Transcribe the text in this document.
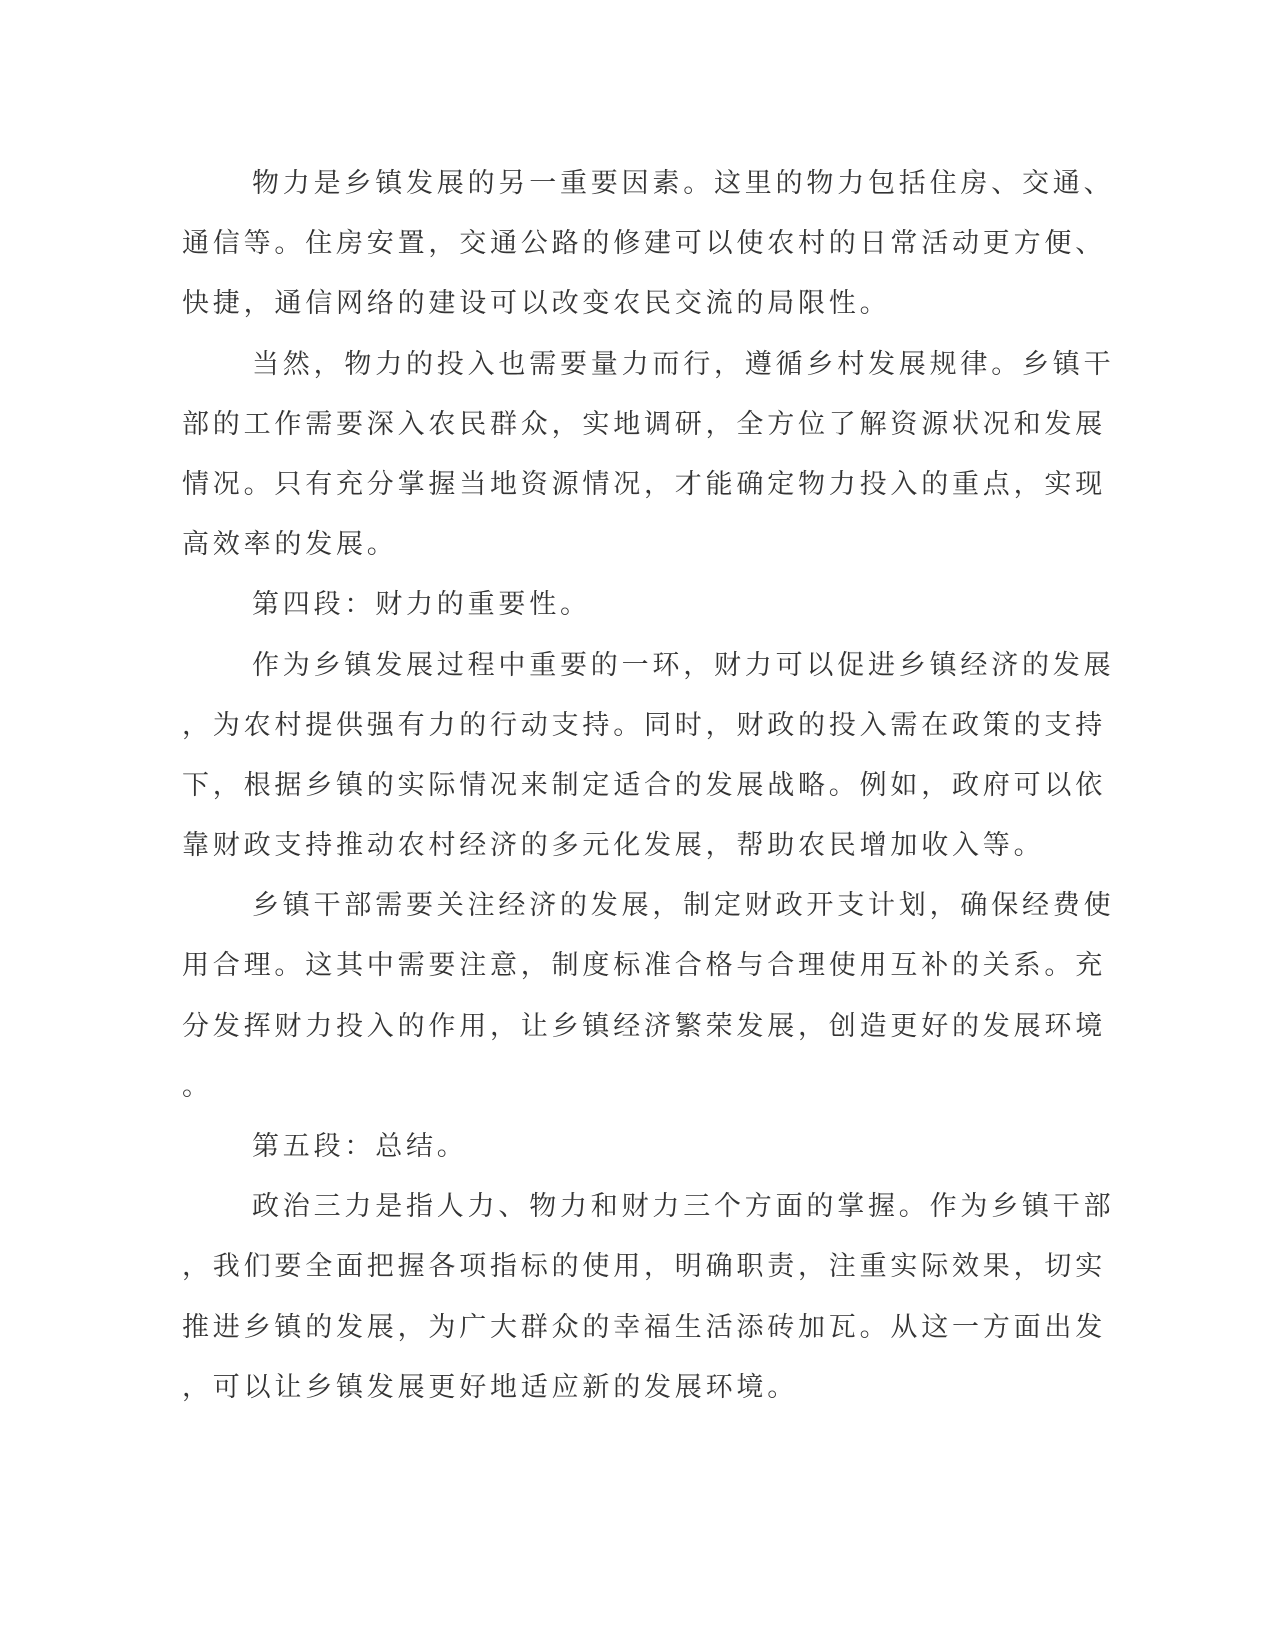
物力是乡镇发展的另一重要因素。这里的物力包括住房、交通、
通信等。住房安置，交通公路的修建可以使农村的日常活动更方便、
快捷，通信网络的建设可以改变农民交流的局限性。
当然，物力的投入也需要量力而行，遵循乡村发展规律。乡镇干
部的工作需要深入农民群众，实地调研，全方位了解资源状况和发展
情况。只有充分掌握当地资源情况，才能确定物力投入的重点，实现
高效率的发展。
第四段：财力的重要性。
作为乡镇发展过程中重要的一环，财力可以促进乡镇经济的发展
，为农村提供强有力的行动支持。同时，财政的投入需在政策的支持
下，根据乡镇的实际情况来制定适合的发展战略。例如，政府可以依
靠财政支持推动农村经济的多元化发展，帮助农民增加收入等。
乡镇干部需要关注经济的发展，制定财政开支计划，确保经费使
用合理。这其中需要注意，制度标准合格与合理使用互补的关系。充
分发挥财力投入的作用，让乡镇经济繁荣发展，创造更好的发展环境
。
第五段：总结。
政治三力是指人力、物力和财力三个方面的掌握。作为乡镇干部
，我们要全面把握各项指标的使用，明确职责，注重实际效果，切实
推进乡镇的发展，为广大群众的幸福生活添砖加瓦。从这一方面出发
，可以让乡镇发展更好地适应新的发展环境。
